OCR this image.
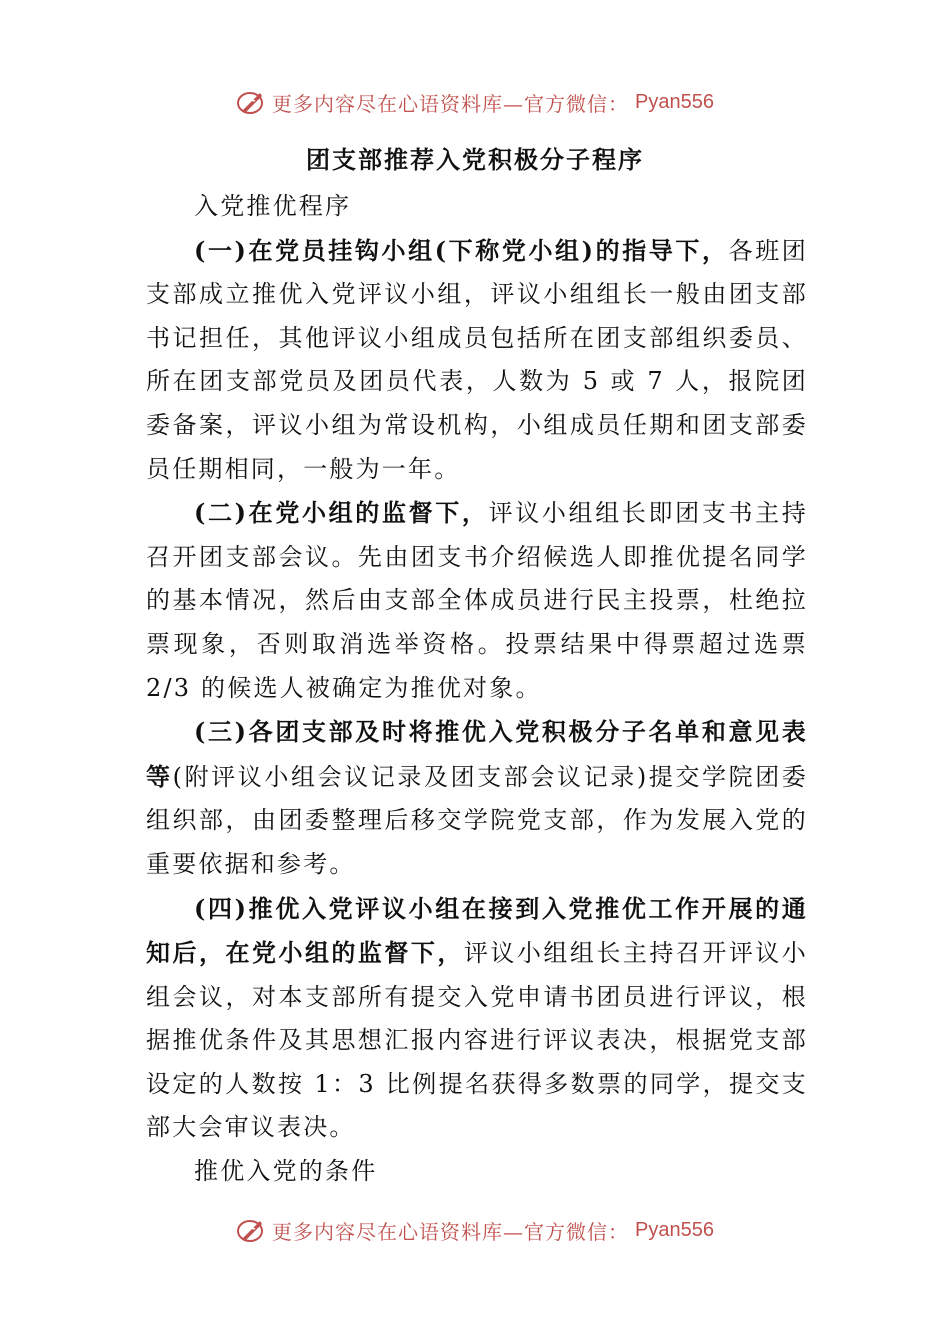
更多内容尽在心语资料库—官方微信： Pyan556
团支部推荐入党积极分子程序

入党推优程序

(一)在党员挂钩小组(下称党小组)的指导下，各班团支部成立推优入党评议小组，评议小组组长一般由团支部书记担任，其他评议小组成员包括所在团支部组织委员、所在团支部党员及团员代表，人数为 5 或 7 人，报院团委备案，评议小组为常设机构，小组成员任期和团支部委员任期相同，一般为一年。

(二)在党小组的监督下，评议小组组长即团支书主持召开团支部会议。先由团支书介绍候选人即推优提名同学的基本情况，然后由支部全体成员进行民主投票，杜绝拉票现象，否则取消选举资格。投票结果中得票超过选票 2/3 的候选人被确定为推优对象。

(三)各团支部及时将推优入党积极分子名单和意见表等(附评议小组会议记录及团支部会议记录)提交学院团委组织部，由团委整理后移交学院党支部，作为发展入党的重要依据和参考。

(四)推优入党评议小组在接到入党推优工作开展的通知后，在党小组的监督下，评议小组组长主持召开评议小组会议，对本支部所有提交入党申请书团员进行评议，根据推优条件及其思想汇报内容进行评议表决，根据党支部设定的人数按 1：3 比例提名获得多数票的同学，提交支部大会审议表决。

推优入党的条件

更多内容尽在心语资料库—官方微信： Pyan556
